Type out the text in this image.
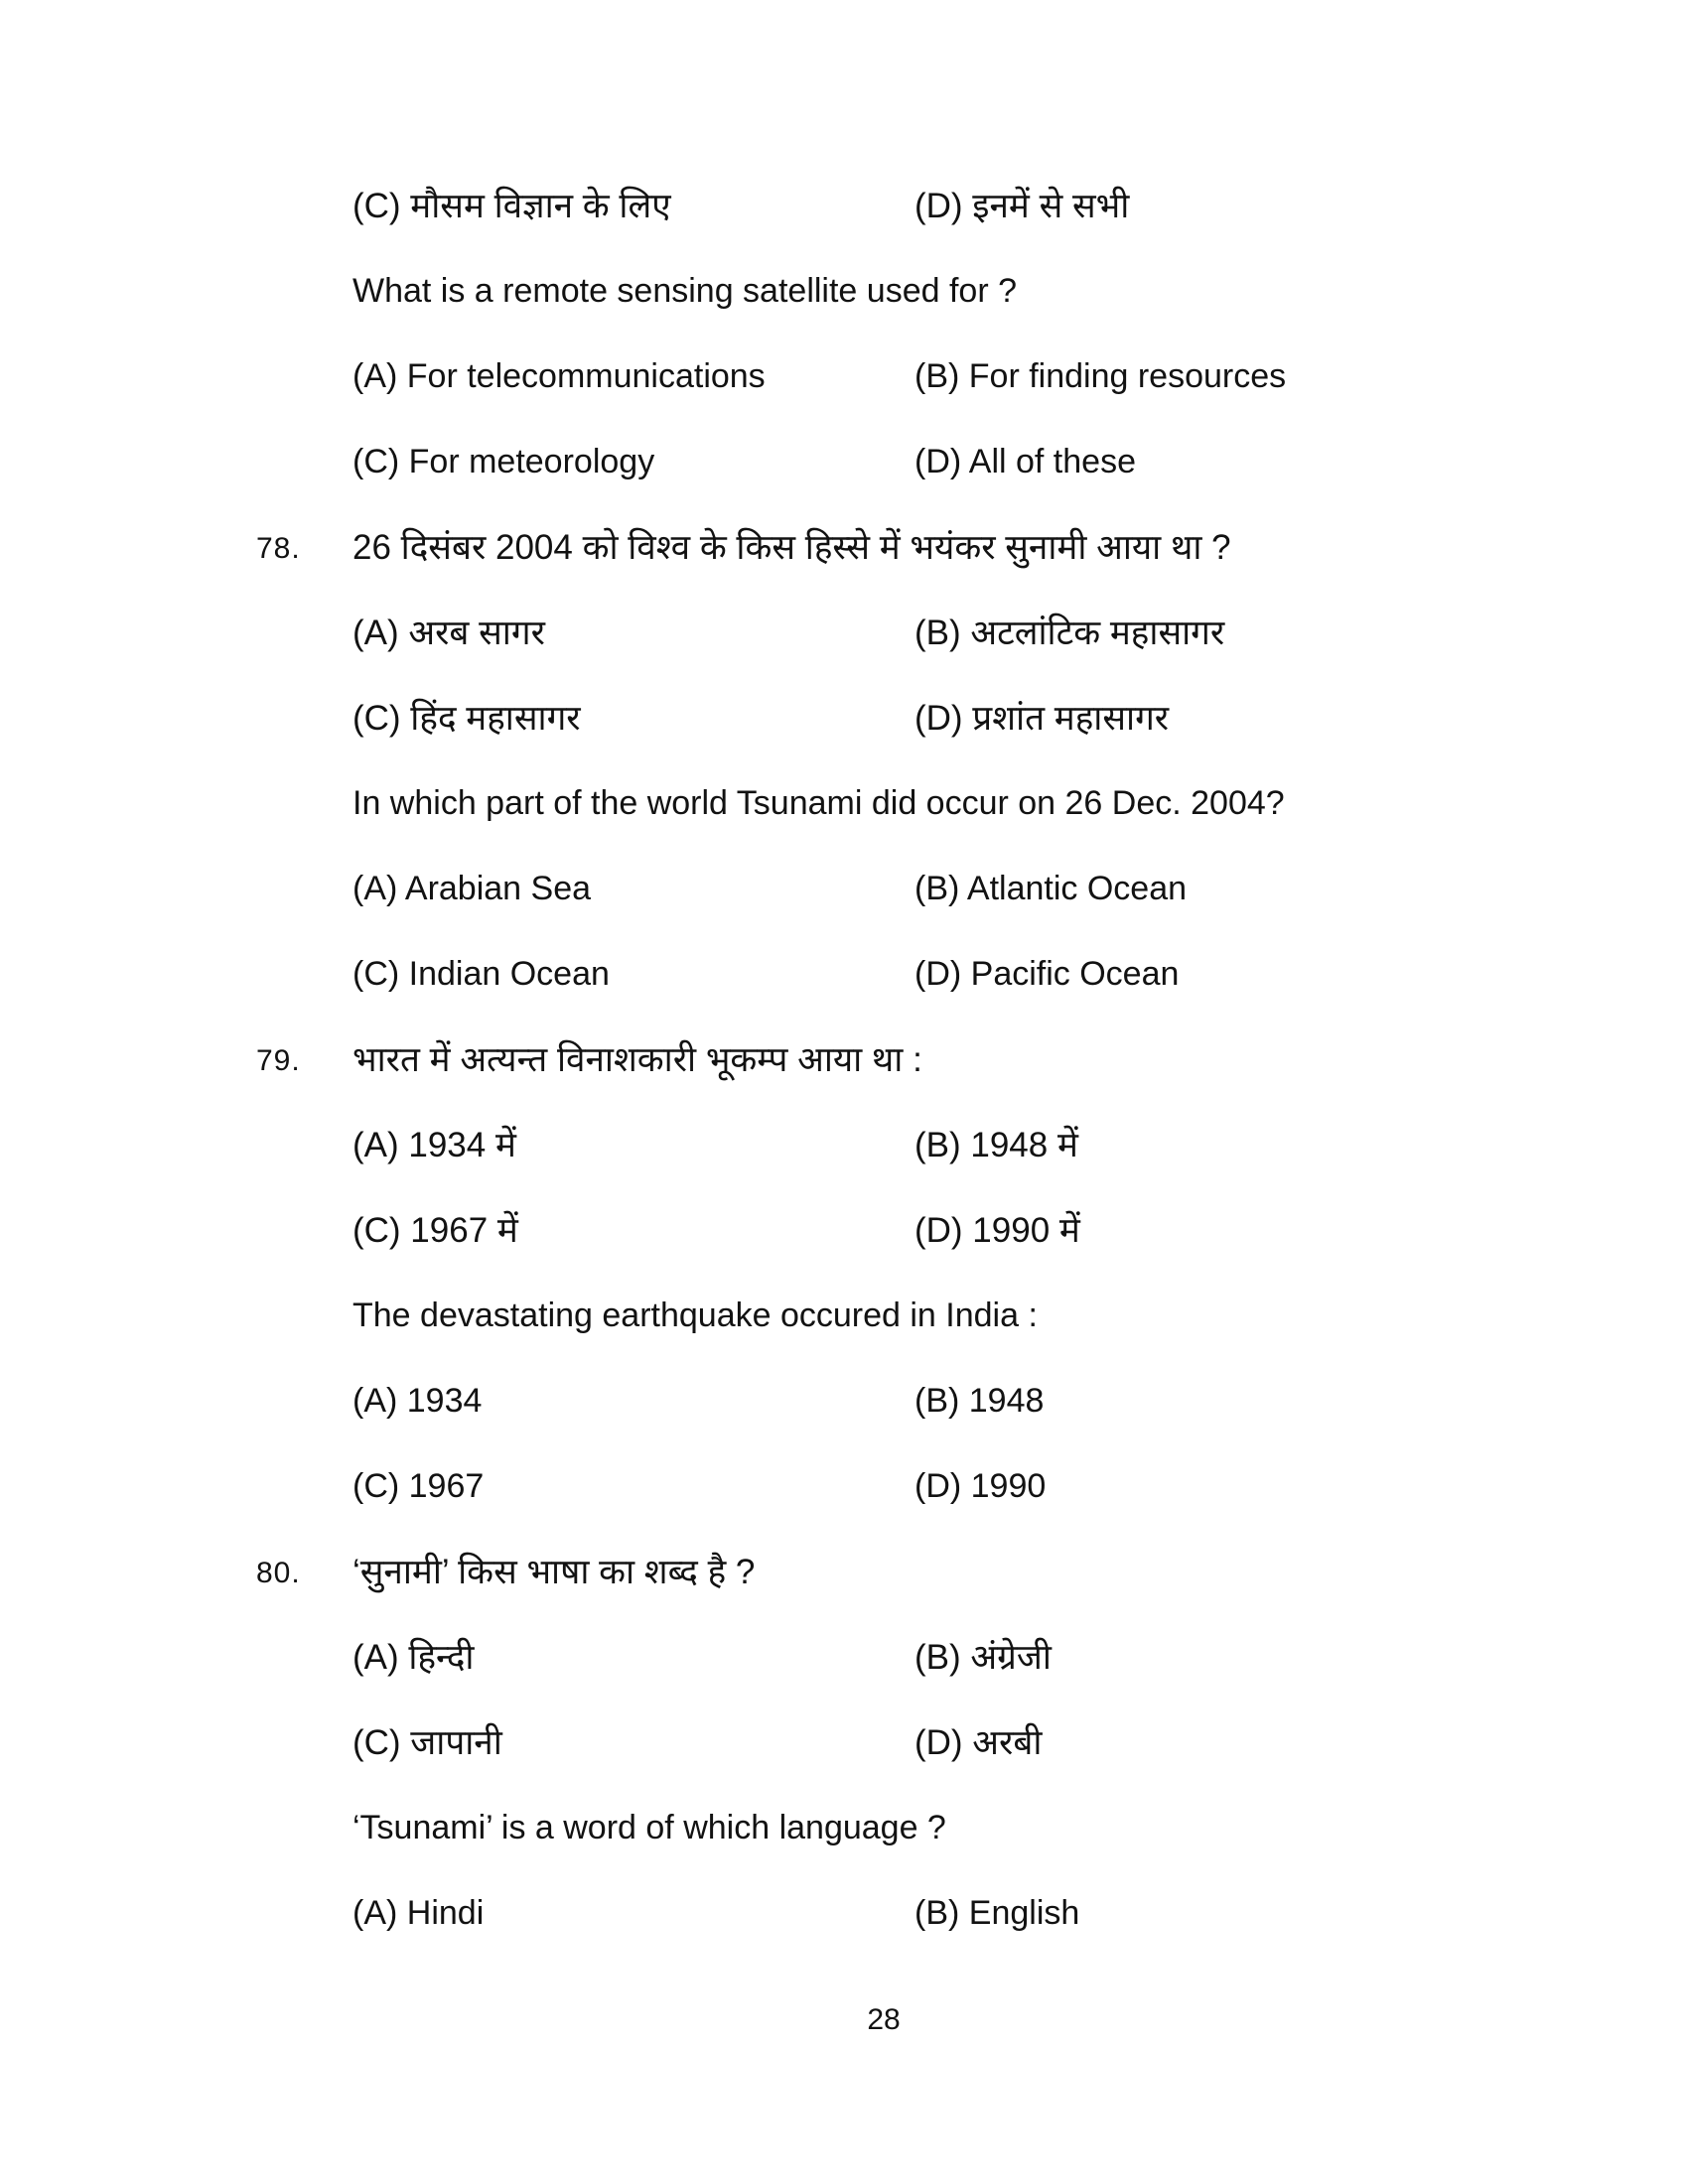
(C) मौसम विज्ञान के लिए	(D) इनमें से सभी
What is a remote sensing satellite used for ?
(A) For telecommunications	(B) For finding resources
(C) For meteorology	(D) All of these
78. 26 दिसंबर 2004 को विश्व के किस हिस्से में भयंकर सुनामी आया था ?
(A) अरब सागर	(B) अटलांटिक महासागर
(C) हिंद महासागर	(D) प्रशांत महासागर
In which part of the world Tsunami did occur on 26 Dec. 2004?
(A) Arabian Sea	(B) Atlantic Ocean
(C) Indian Ocean	(D) Pacific Ocean
79. भारत में अत्यन्त विनाशकारी भूकम्प आया था :
(A) 1934 में	(B) 1948 में
(C) 1967 में	(D) 1990 में
The devastating earthquake occured in India :
(A) 1934	(B) 1948
(C) 1967	(D) 1990
80. ‘सुनामी’ किस भाषा का शब्द है ?
(A) हिन्दी	(B) अंग्रेजी
(C) जापानी	(D) अरबी
‘Tsunami’ is a word of which language ?
(A) Hindi	(B) English
28
